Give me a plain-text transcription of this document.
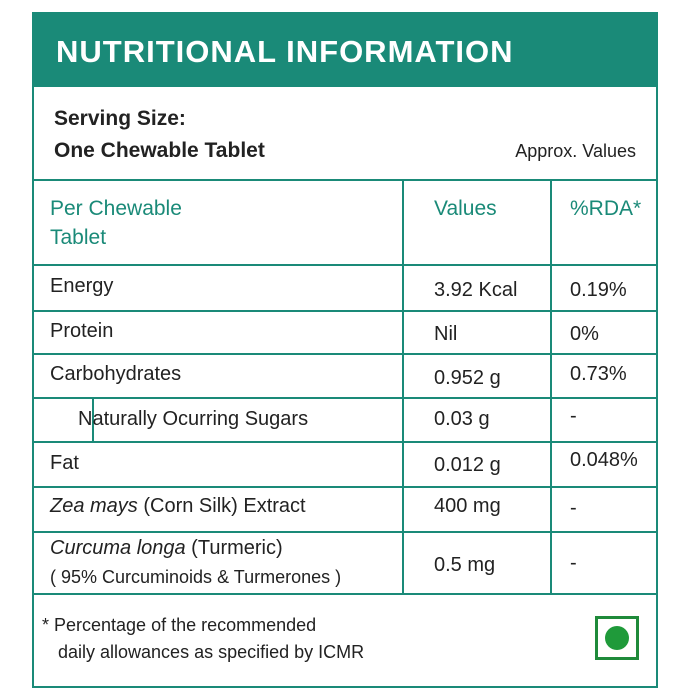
NUTRITIONAL INFORMATION
Serving Size:
One Chewable Tablet	Approx. Values
Per Chewable
Tablet
Values	%RDA*
Energy	3.92 Kcal	0.19%
Protein	Nil	0%
Carbohydrates	0.952 g	0.73%
Naturally Ocurring Sugars	0.03 g	-
Fat	0.012 g	0.048%
Zea mays (Corn Silk) Extract	400 mg	-
Curcuma longa (Turmeric)
( 95% Curcuminoids & Turmerones )
0.5 mg	-
* Percentage of the recommended
daily allowances as specified by ICMR
